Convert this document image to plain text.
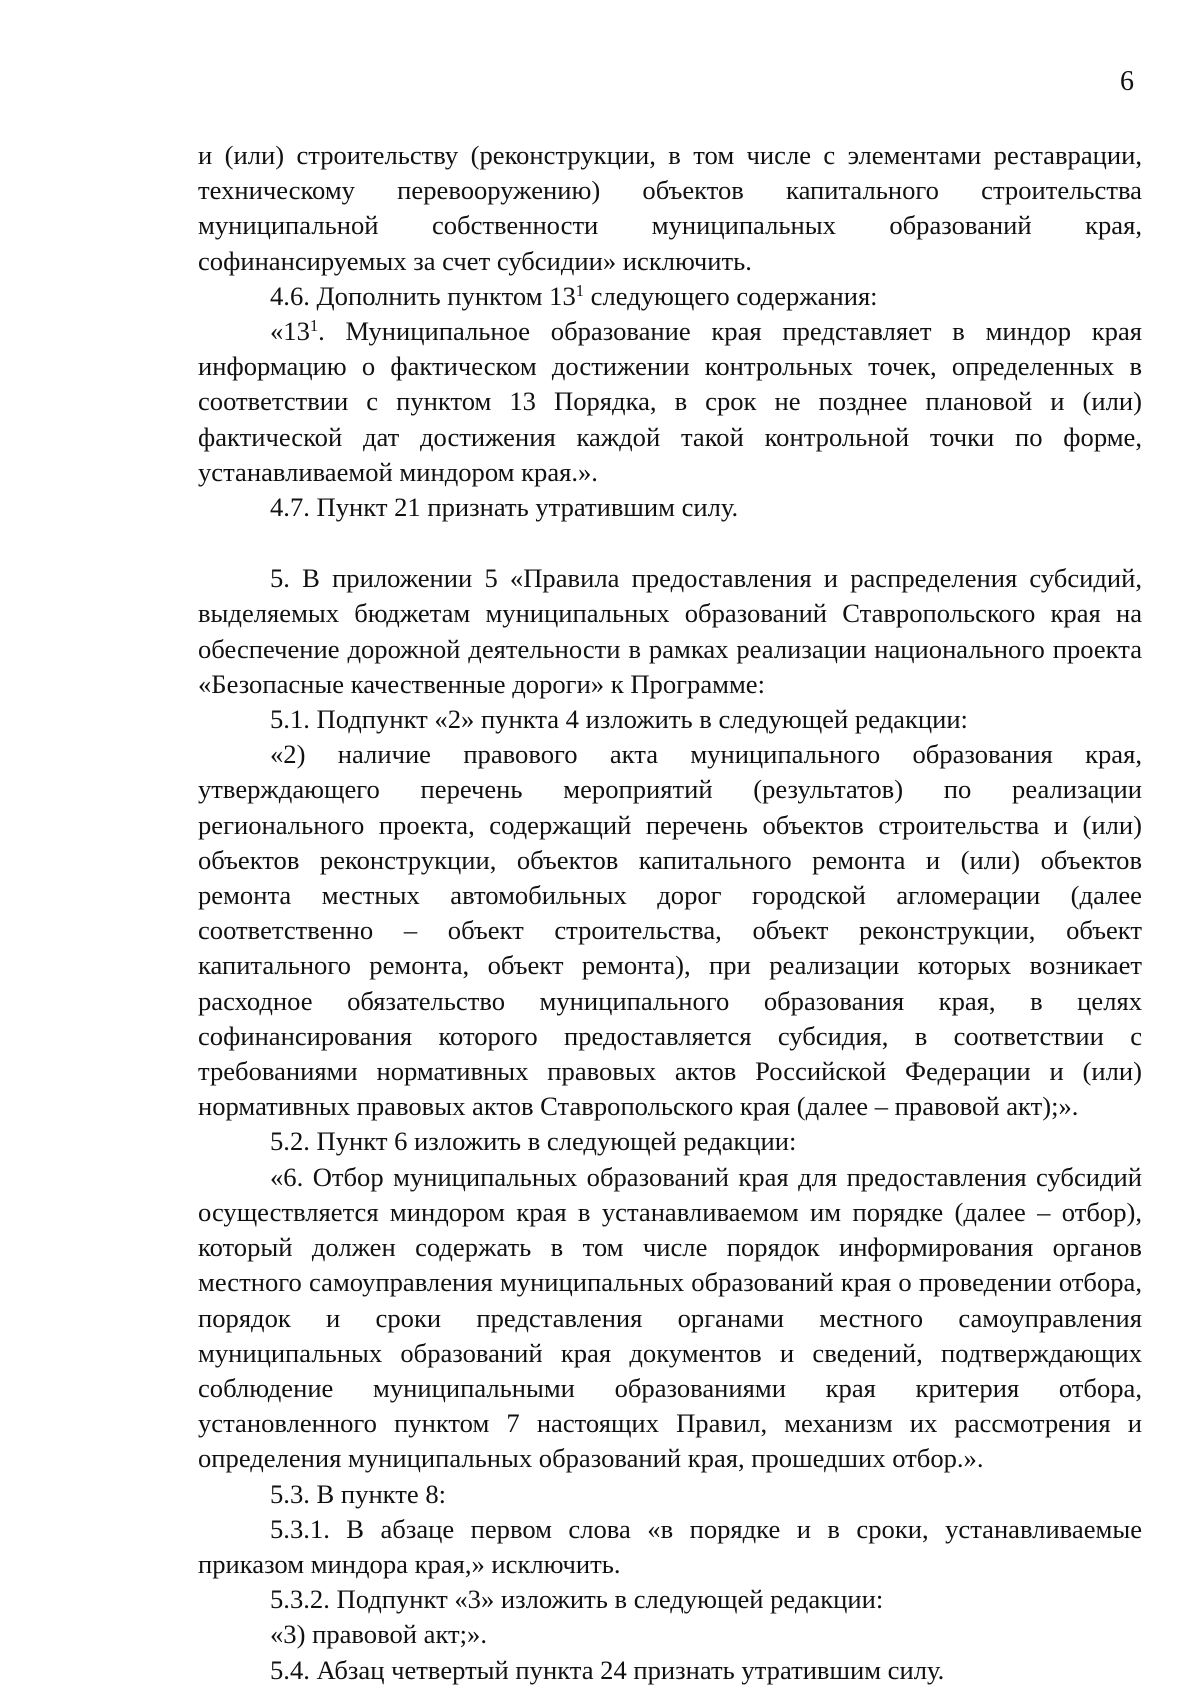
6

и (или) строительству (реконструкции, в том числе с элементами реставрации, техническому перевооружению) объектов капитального строительства муниципальной собственности муниципальных образований края, софинансируемых за счет субсидии» исключить.

4.6. Дополнить пунктом $13^1$ следующего содержания:

«$13^1$. Муниципальное образование края представляет в миндор края информацию о фактическом достижении контрольных точек, определенных в соответствии с пунктом 13 Порядка, в срок не позднее плановой и (или) фактической дат достижения каждой такой контрольной точки по форме, устанавливаемой миндором края.».

4.7. Пункт 21 признать утратившим силу.

5. В приложении 5 «Правила предоставления и распределения субсидий, выделяемых бюджетам муниципальных образований Ставропольского края на обеспечение дорожной деятельности в рамках реализации национального проекта «Безопасные качественные дороги» к Программе:

5.1. Подпункт «2» пункта 4 изложить в следующей редакции:

«2) наличие правового акта муниципального образования края, утверждающего перечень мероприятий (результатов) по реализации регионального проекта, содержащий перечень объектов строительства и (или) объектов реконструкции, объектов капитального ремонта и (или) объектов ремонта местных автомобильных дорог городской агломерации (далее соответственно – объект строительства, объект реконструкции, объект капитального ремонта, объект ремонта), при реализации которых возникает расходное обязательство муниципального образования края, в целях софинансирования которого предоставляется субсидия, в соответствии с требованиями нормативных правовых актов Российской Федерации и (или) нормативных правовых актов Ставропольского края (далее – правовой акт);».

5.2. Пункт 6 изложить в следующей редакции:

«6. Отбор муниципальных образований края для предоставления субсидий осуществляется миндором края в устанавливаемом им порядке (далее – отбор), который должен содержать в том числе порядок информирования органов местного самоуправления муниципальных образований края о проведении отбора, порядок и сроки представления органами местного самоуправления муниципальных образований края документов и сведений, подтверждающих соблюдение муниципальными образованиями края критерия отбора, установленного пунктом 7 настоящих Правил, механизм их рассмотрения и определения муниципальных образований края, прошедших отбор.».

5.3. В пункте 8:

5.3.1. В абзаце первом слова «в порядке и в сроки, устанавливаемые приказом миндора края,» исключить.

5.3.2. Подпункт «3» изложить в следующей редакции:

«3) правовой акт;».

5.4. Абзац четвертый пункта 24 признать утратившим силу.
